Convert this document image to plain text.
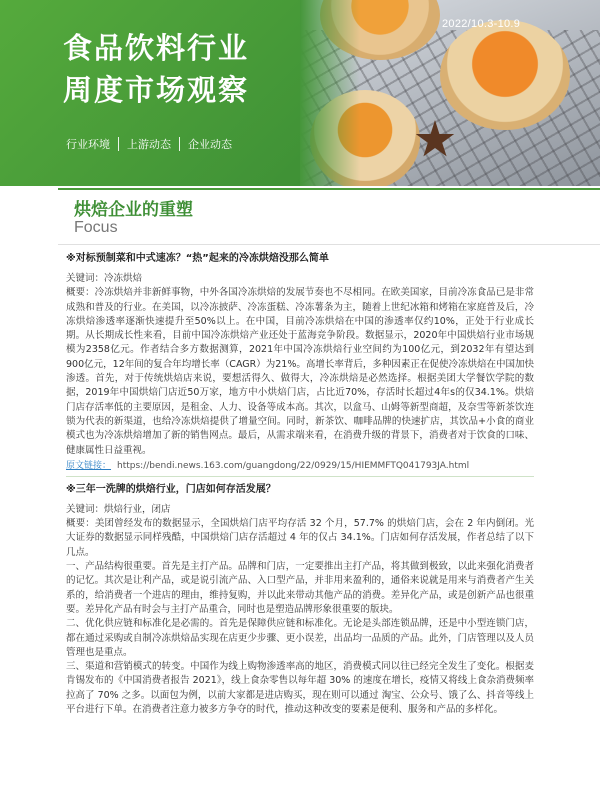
2022/10.3-10.9
食品饮料行业
周度市场观察
行业环境	上游动态	企业动态
烘焙企业的重塑
Focus
※对标预制菜和中式速冻？“热”起来的冷冻烘焙没那么简单

关键词：冷冻烘焙

概要：冷冻烘焙并非新鲜事物，中外各国冷冻烘焙的发展节奏也不尽相同。在欧美国家，目前冷冻食品已是非常成熟和普及的行业。在美国，以冷冻披萨、冷冻蛋糕、冷冻薯条为主，随着上世纪冰箱和烤箱在家庭普及后，冷冻烘焙渗透率逐渐快速提升至50%以上。在中国，目前冷冻烘焙在中国的渗透率仅约10%，正处于行业成长期。从长期成长性来看，目前中国冷冻烘焙产业还处于蓝海竞争阶段。数据显示，2020年中国烘焙行业市场规模为2358亿元。作者结合多方数据测算，2021年中国冷冻烘焙行业空间约为100亿元，到2032年有望达到900亿元，12年间的复合年均增长率（CAGR）为21%。高增长率背后，多种因素正在促使冷冻烘焙在中国加快渗透。首先，对于传统烘焙店来说，要想活得久、做得大，冷冻烘焙是必然选择。根据美团大学餐饮学院的数据，2019年中国烘焙门店近50万家，地方中小烘焙门店，占比近70%，存活时长超过4年s的仅34.1%。烘焙门店存活率低的主要原因，是租金、人力、设备等成本高。其次，以盒马、山姆等新型商超，及奈雪等新茶饮连锁为代表的新渠道，也给冷冻烘焙提供了增量空间。同时，新茶饮、咖啡品牌的快速扩店，其饮品+小食的商业模式也为冷冻烘焙增加了新的销售网点。最后，从需求端来看，在消费升级的背景下，消费者对于饮食的口味、健康属性日益重视。

原文链接： https://bendi.news.163.com/guangdong/22/0929/15/HIEMMFTQ041793JA.html
※三年一洗牌的烘焙行业，门店如何存活发展？

关键词：烘焙行业，闭店

概要：美团曾经发布的数据显示，全国烘焙门店平均存活 32 个月，57.7% 的烘焙门店，会在 2 年内倒闭。光大证券的数据显示同样残酷，中国烘焙门店存活超过 4 年的仅占 34.1%。门店如何存活发展，作者总结了以下几点。

一、产品结构很重要。首先是主打产品。品牌和门店，一定要推出主打产品，将其做到极致，以此来强化消费者的记忆。其次是让利产品，或是说引流产品、入口型产品，并非用来盈利的，通俗来说就是用来与消费者产生关系的，给消费者一个进店的理由，维持复购，并以此来带动其他产品的消费。差异化产品，或是创新产品也很重要。差异化产品有时会与主打产品重合，同时也是塑造品牌形象很重要的版块。

二、优化供应链和标准化是必需的。首先是保障供应链和标准化。无论是头部连锁品牌，还是中小型连锁门店，都在通过采购或自制冷冻烘焙品实现在店更少步骤、更小误差，出品均一品质的产品。此外，门店管理以及人员管理也是重点。

三、渠道和营销模式的转变。中国作为线上购物渗透率高的地区，消费模式同以往已经完全发生了变化。根据麦肯锡发布的《中国消费者报告 2021》，线上食杂零售以每年超 30% 的速度在增长，疫情又将线上食杂消费频率拉高了 70% 之多。以面包为例，以前大家都是进店购买，现在则可以通过 淘宝、公众号、饿了么、抖音等线上平台进行下单。在消费者注意力被多方争夺的时代，推动这种改变的要素是便利、服务和产品的多样化。
